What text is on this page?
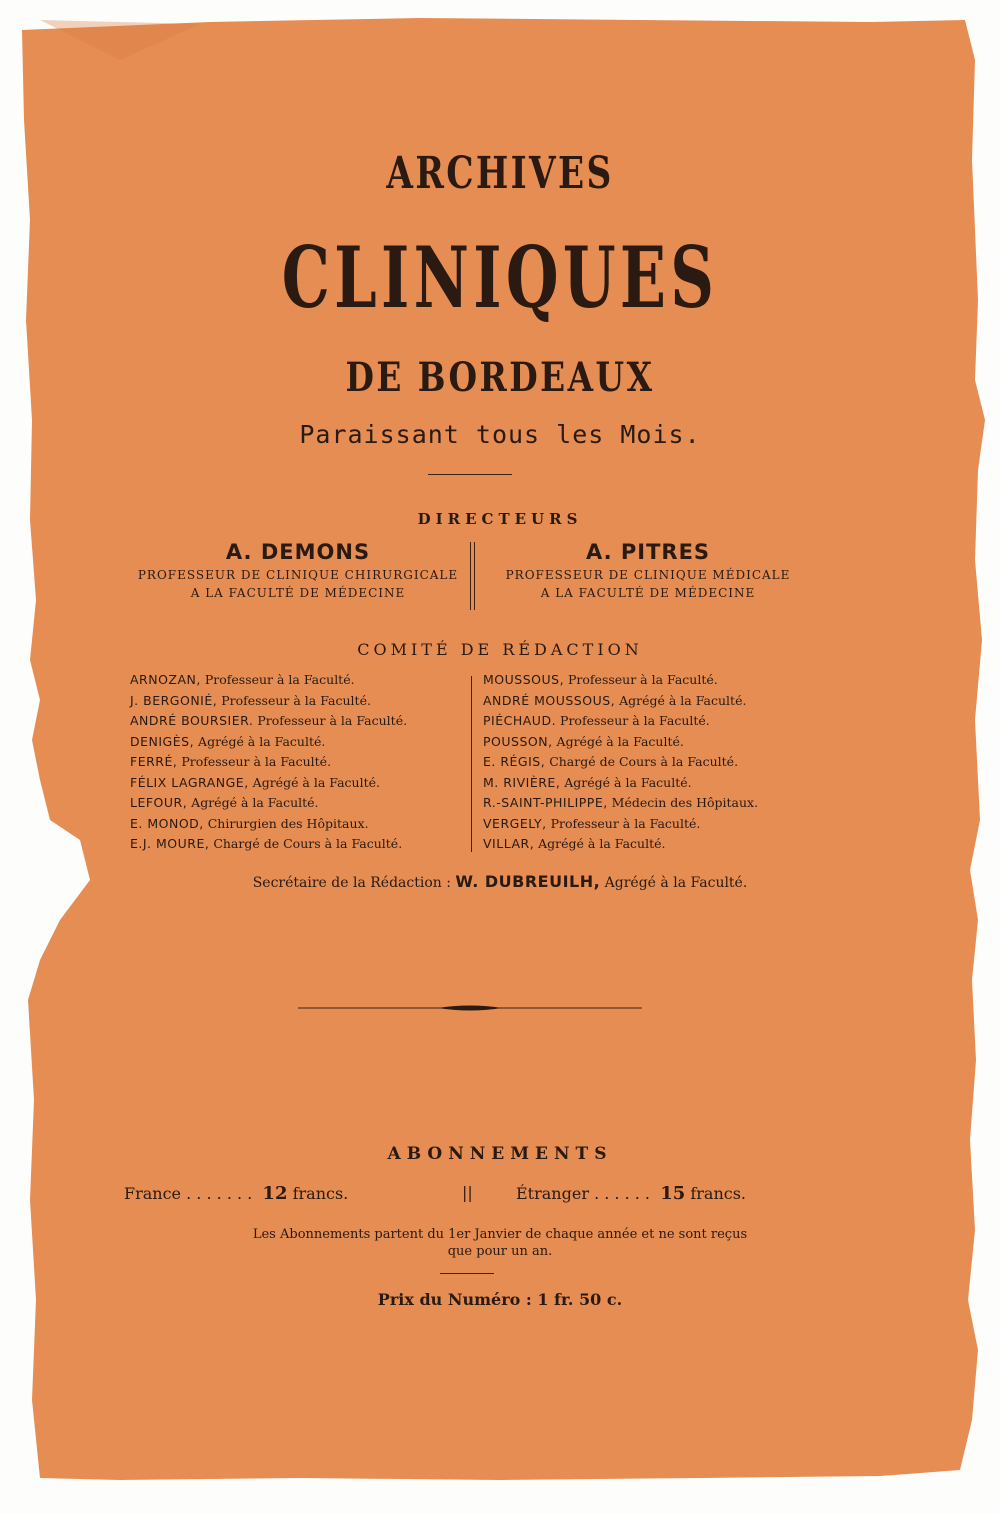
ARCHIVES
CLINIQUES
DE BORDEAUX
Paraissant tous les Mois.
DIRECTEURS
A. DEMONS
PROFESSEUR DE CLINIQUE CHIRURGICALE
A LA FACULTÉ DE MÉDECINE
A. PITRES
PROFESSEUR DE CLINIQUE MÉDICALE
A LA FACULTÉ DE MÉDECINE
COMITÉ DE RÉDACTION
ARNOZAN, Professeur à la Faculté.
J. BERGONIÉ, Professeur à la Faculté.
ANDRÉ BOURSIER. Professeur à la Faculté.
DENIGÈS, Agrégé à la Faculté.
FERRÉ, Professeur à la Faculté.
FÉLIX LAGRANGE, Agrégé à la Faculté.
LEFOUR, Agrégé à la Faculté.
E. MONOD, Chirurgien des Hôpitaux.
E.J. MOURE, Chargé de Cours à la Faculté.
MOUSSOUS, Professeur à la Faculté.
ANDRÉ MOUSSOUS, Agrégé à la Faculté.
PIÉCHAUD. Professeur à la Faculté.
POUSSON, Agrégé à la Faculté.
E. RÉGIS, Chargé de Cours à la Faculté.
M. RIVIÈRE, Agrégé à la Faculté.
R.-SAINT-PHILIPPE, Médecin des Hôpitaux.
VERGELY, Professeur à la Faculté.
VILLAR, Agrégé à la Faculté.
Secrétaire de la Rédaction : W. DUBREUILH, Agrégé à la Faculté.
ABONNEMENTS
France . . . . . . . 12 francs.	||	Étranger . . . . . . 15 francs.
Les Abonnements partent du 1er Janvier de chaque année et ne sont reçus
que pour un an.
Prix du Numéro : 1 fr. 50 c.
